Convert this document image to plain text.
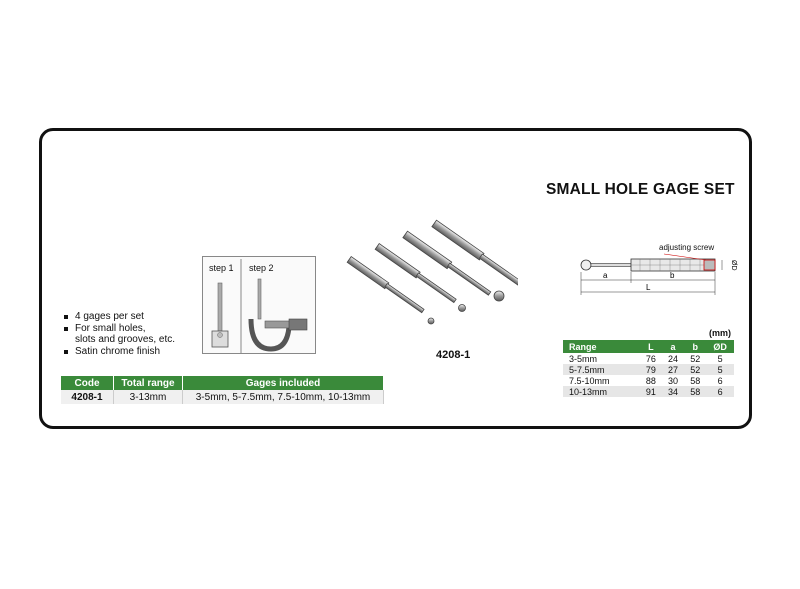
SMALL HOLE GAGE SET
4 gages per set
For small holes,
slots and grooves, etc.
Satin chrome finish
step 1 step 2
4208-1
Code	Total range	Gages included
4208-1	3-13mm	3-5mm, 5-7.5mm, 7.5-10mm, 10-13mm
a	b
L
ØD
adjusting screw
(mm)
Range	L	a	b	ØD
3-5mm	76	24	52	5
5-7.5mm	79	27	52	5
7.5-10mm	88	30	58	6
10-13mm	91	34	58	6
